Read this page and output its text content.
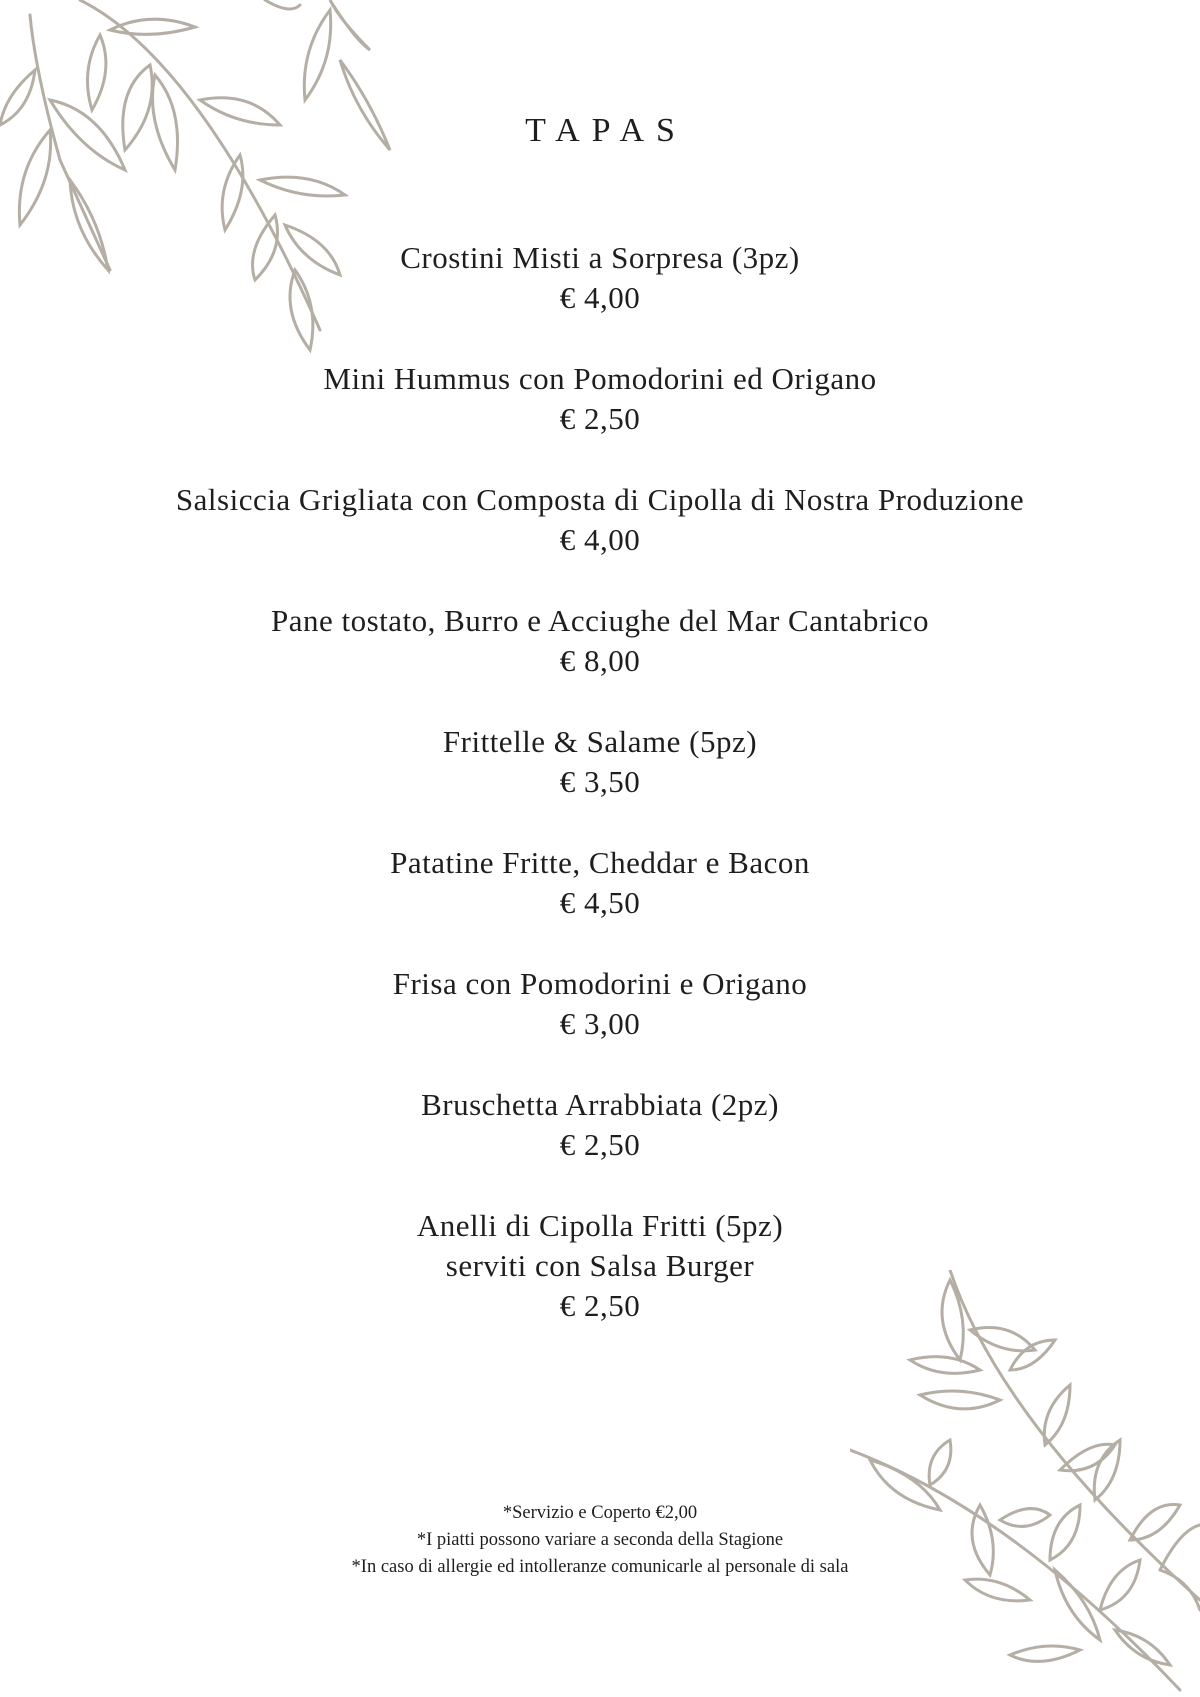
TAPAS
Crostini Misti a Sorpresa (3pz)
€ 4,00
Mini Hummus con Pomodorini ed Origano
€ 2,50
Salsiccia Grigliata con Composta di Cipolla di Nostra Produzione
€ 4,00
Pane tostato, Burro e Acciughe del Mar Cantabrico
€ 8,00
Frittelle & Salame (5pz)
€ 3,50
Patatine Fritte, Cheddar e Bacon
€ 4,50
Frisa con Pomodorini e Origano
€ 3,00
Bruschetta Arrabbiata (2pz)
€ 2,50
Anelli di Cipolla Fritti (5pz)
serviti con Salsa Burger
€ 2,50
*Servizio e Coperto €2,00
*I piatti possono variare a seconda della Stagione
*In caso di allergie ed intolleranze comunicarle al personale di sala
